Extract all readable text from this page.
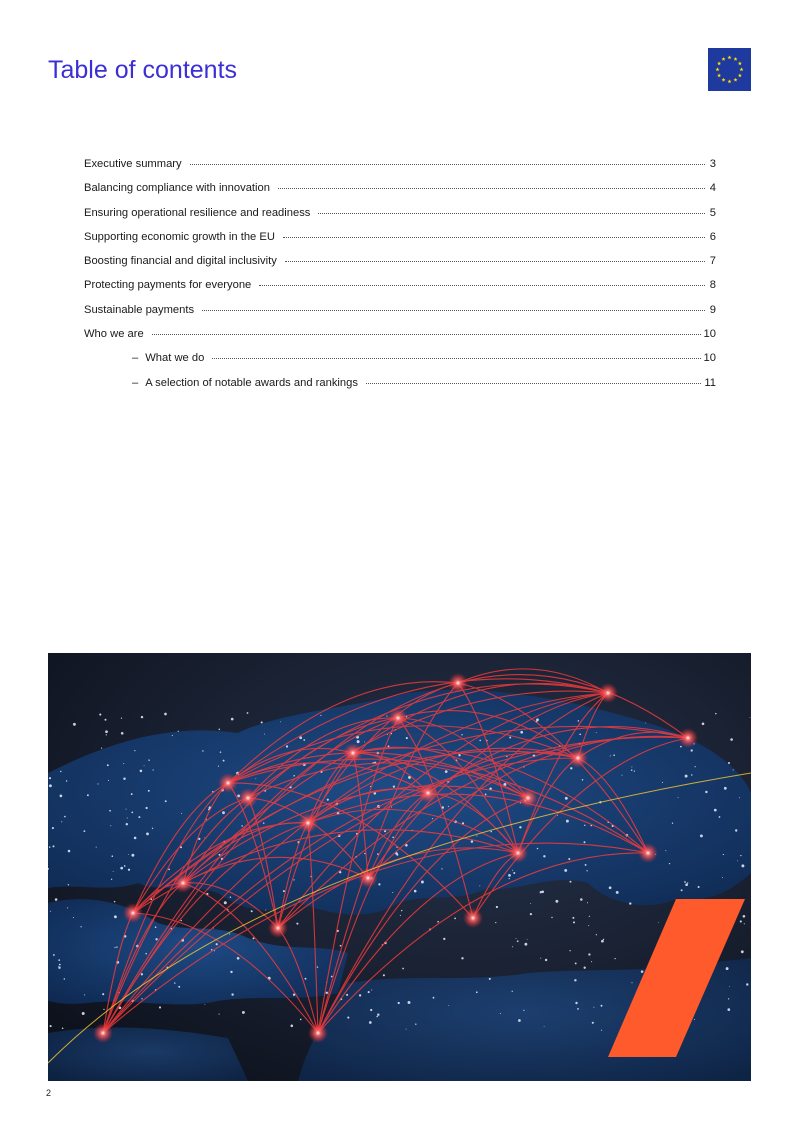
Table of contents
Executive summary	3
Balancing compliance with innovation	4
Ensuring operational resilience and readiness	5
Supporting economic growth in the EU	6
Boosting financial and digital inclusivity	7
Protecting payments for everyone	8
Sustainable payments	9
Who we are	10
– What we do	10
– A selection of notable awards and rankings	11
2
